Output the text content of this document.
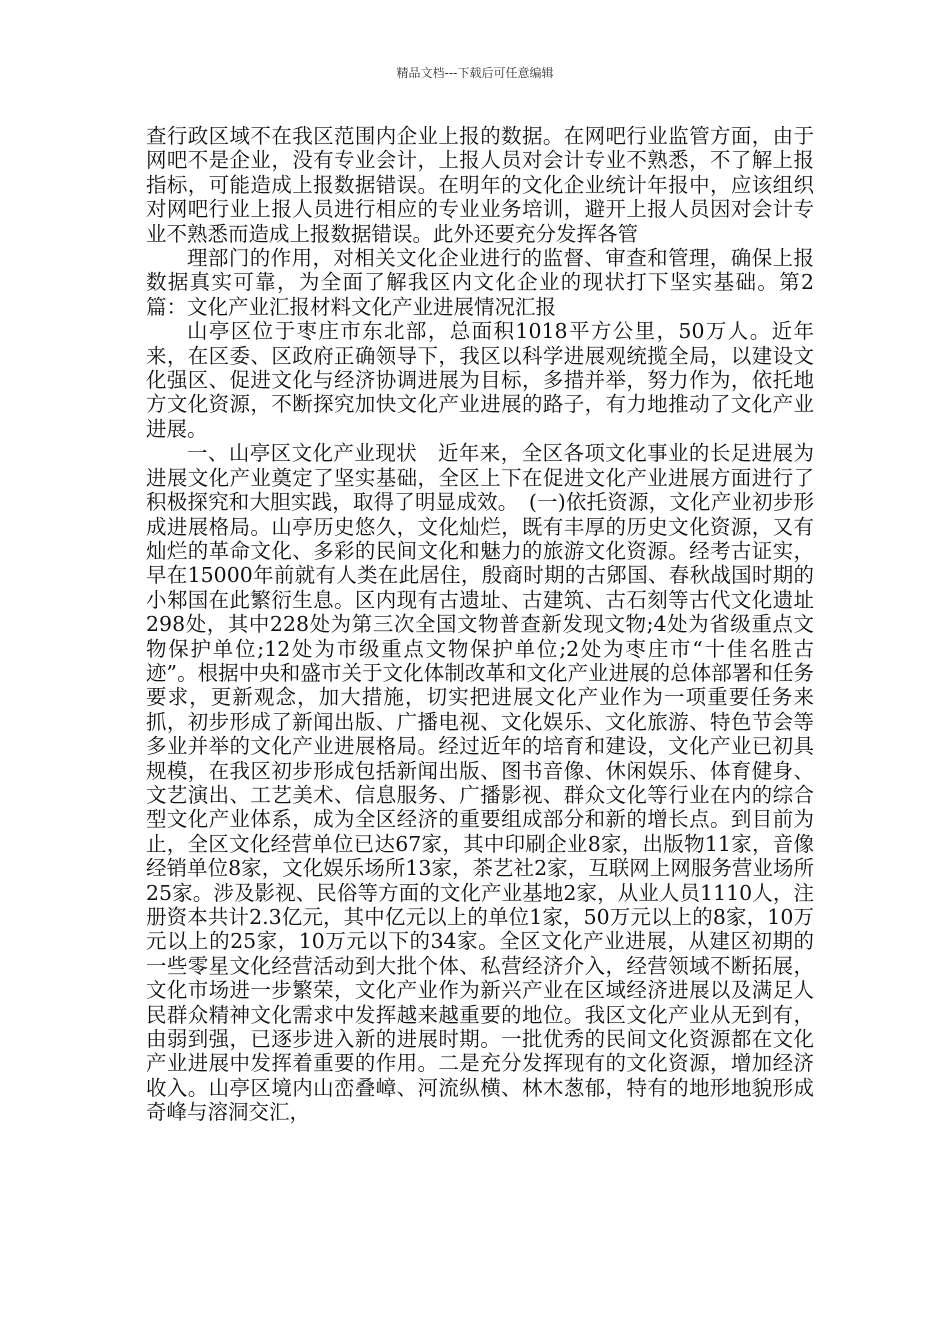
精品文档---下载后可任意编辑

查行政区域不在我区范围内企业上报的数据。在网吧行业监管方面，由于网吧不是企业，没有专业会计，上报人员对会计专业不熟悉，不了解上报指标，可能造成上报数据错误。在明年的文化企业统计年报中，应该组织对网吧行业上报人员进行相应的专业业务培训，避开上报人员因对会计专业不熟悉而造成上报数据错误。此外还要充分发挥各管

理部门的作用，对相关文化企业进行的监督、审查和管理，确保上报数据真实可靠，为全面了解我区内文化企业的现状打下坚实基础。第2篇：文化产业汇报材料文化产业进展情况汇报

山亭区位于枣庄市东北部，总面积1018平方公里，50万人。近年来，在区委、区政府正确领导下，我区以科学进展观统揽全局，以建设文化强区、促进文化与经济协调进展为目标，多措并举，努力作为，依托地方文化资源，不断探究加快文化产业进展的路子，有力地推动了文化产业进展。

一、山亭区文化产业现状　近年来，全区各项文化事业的长足进展为进展文化产业奠定了坚实基础，全区上下在促进文化产业进展方面进行了积极探究和大胆实践，取得了明显成效。　(一)依托资源，文化产业初步形成进展格局。山亭历史悠久，文化灿烂，既有丰厚的历史文化资源，又有灿烂的革命文化、多彩的民间文化和魅力的旅游文化资源。经考古证实，早在15000年前就有人类在此居住，殷商时期的古郳国、春秋战国时期的小邾国在此繁衍生息。区内现有古遗址、古建筑、古石刻等古代文化遗址298处，其中228处为第三次全国文物普查新发现文物;4处为省级重点文物保护单位;12处为市级重点文物保护单位;2处为枣庄市“十佳名胜古迹”。根据中央和盛市关于文化体制改革和文化产业进展的总体部署和任务要求，更新观念，加大措施，切实把进展文化产业作为一项重要任务来抓，初步形成了新闻出版、广播电视、文化娱乐、文化旅游、特色节会等多业并举的文化产业进展格局。经过近年的培育和建设，文化产业已初具规模，在我区初步形成包括新闻出版、图书音像、休闲娱乐、体育健身、文艺演出、工艺美术、信息服务、广播影视、群众文化等行业在内的综合型文化产业体系，成为全区经济的重要组成部分和新的增长点。到目前为止，全区文化经营单位已达67家，其中印刷企业8家，出版物11家，音像经销单位8家，文化娱乐场所13家，茶艺社2家，互联网上网服务营业场所25家。涉及影视、民俗等方面的文化产业基地2家，从业人员1110人，注册资本共计2.3亿元，其中亿元以上的单位1家，50万元以上的8家，10万元以上的25家，10万元以下的34家。全区文化产业进展，从建区初期的一些零星文化经营活动到大批个体、私营经济介入，经营领域不断拓展，文化市场进一步繁荣，文化产业作为新兴产业在区域经济进展以及满足人民群众精神文化需求中发挥越来越重要的地位。我区文化产业从无到有，由弱到强，已逐步进入新的进展时期。一批优秀的民间文化资源都在文化产业进展中发挥着重要的作用。二是充分发挥现有的文化资源，增加经济收入。山亭区境内山峦叠嶂、河流纵横、林木葱郁，特有的地形地貌形成奇峰与溶洞交汇，
